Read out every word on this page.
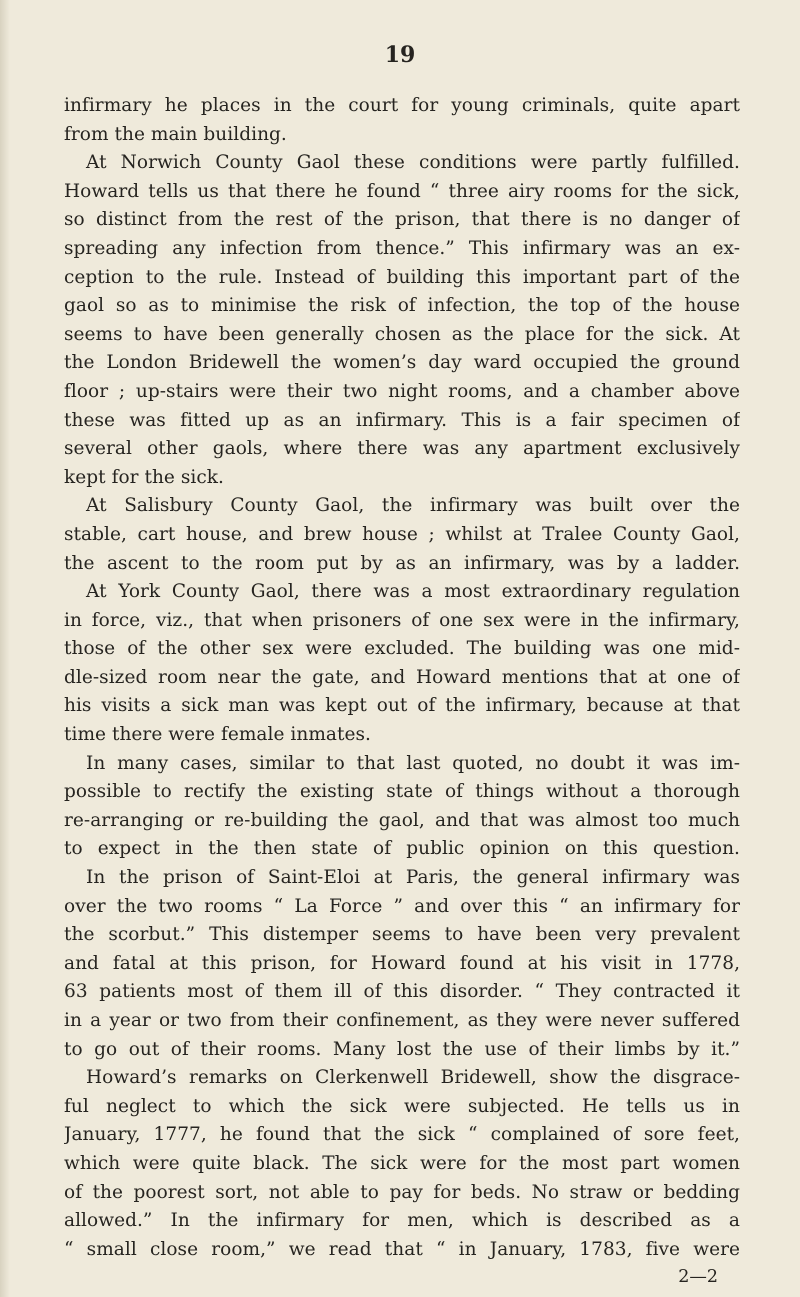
19
infirmary he places in the court for young criminals, quite apart
from the main building.
At Norwich County Gaol these conditions were partly fulfilled.
Howard tells us that there he found “ three airy rooms for the sick,
so distinct from the rest of the prison, that there is no danger of
spreading any infection from thence.” This infirmary was an ex-
ception to the rule. Instead of building this important part of the
gaol so as to minimise the risk of infection, the top of the house
seems to have been generally chosen as the place for the sick. At
the London Bridewell the women’s day ward occupied the ground
floor ; up-stairs were their two night rooms, and a chamber above
these was fitted up as an infirmary. This is a fair specimen of
several other gaols, where there was any apartment exclusively
kept for the sick.
At Salisbury County Gaol, the infirmary was built over the
stable, cart house, and brew house ; whilst at Tralee County Gaol,
the ascent to the room put by as an infirmary, was by a ladder.
At York County Gaol, there was a most extraordinary regulation
in force, viz., that when prisoners of one sex were in the infirmary,
those of the other sex were excluded. The building was one mid-
dle-sized room near the gate, and Howard mentions that at one of
his visits a sick man was kept out of the infirmary, because at that
time there were female inmates.
In many cases, similar to that last quoted, no doubt it was im-
possible to rectify the existing state of things without a thorough
re-arranging or re-building the gaol, and that was almost too much
to expect in the then state of public opinion on this question.
In the prison of Saint-Eloi at Paris, the general infirmary was
over the two rooms “ La Force ” and over this “ an infirmary for
the scorbut.” This distemper seems to have been very prevalent
and fatal at this prison, for Howard found at his visit in 1778,
63 patients most of them ill of this disorder. “ They contracted it
in a year or two from their confinement, as they were never suffered
to go out of their rooms. Many lost the use of their limbs by it.”
Howard’s remarks on Clerkenwell Bridewell, show the disgrace-
ful neglect to which the sick were subjected. He tells us in
January, 1777, he found that the sick “ complained of sore feet,
which were quite black. The sick were for the most part women
of the poorest sort, not able to pay for beds. No straw or bedding
allowed.” In the infirmary for men, which is described as a
“ small close room,” we read that “ in January, 1783, five were
2—2
